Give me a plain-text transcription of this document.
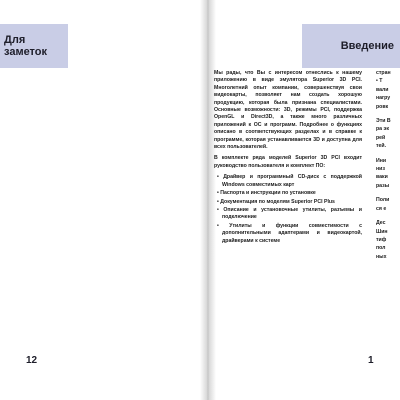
Для заметок	Введение

Мы рады, что Вы с интересом отнеслись к нашему приложению в виде эмулятора Superior 3D PCI. Многолетний опыт компании, совершенствуя свои видеокарты, позволяет нам создать хорошую продукцию, которая была признана специалистами. Основные возможности: 3D, режимы PCI, поддержка OpenGL и Direct3D, а также много различных приложений к ОС и программ. Подробнее о функциях описано в соответствующих разделах и в справке к программе, которая устанавливается 3D и доступна для всех пользователей.

В комплекте ряда моделей Superior 3D PCI входит руководство пользователя и комплект ПО:

• Драйвер и программный CD-диск с поддержкой Windows совместимых карт
• Паспорта и инструкции по установке
• Документация по моделям Superior PCI Plus
• Описание и установочные утилиты, разъемы и подключение
• Утилиты и функции совместимости с дополнительными адаптерами и видеокартой, драйверами к системе
стран
• Т
вали
нагру
ровк
Эти В
ра эк
рей
тей.
Ини
низ
ваки
разы
Поли
ся е
Дес
Шин
тиф
пол
ных
12	1
